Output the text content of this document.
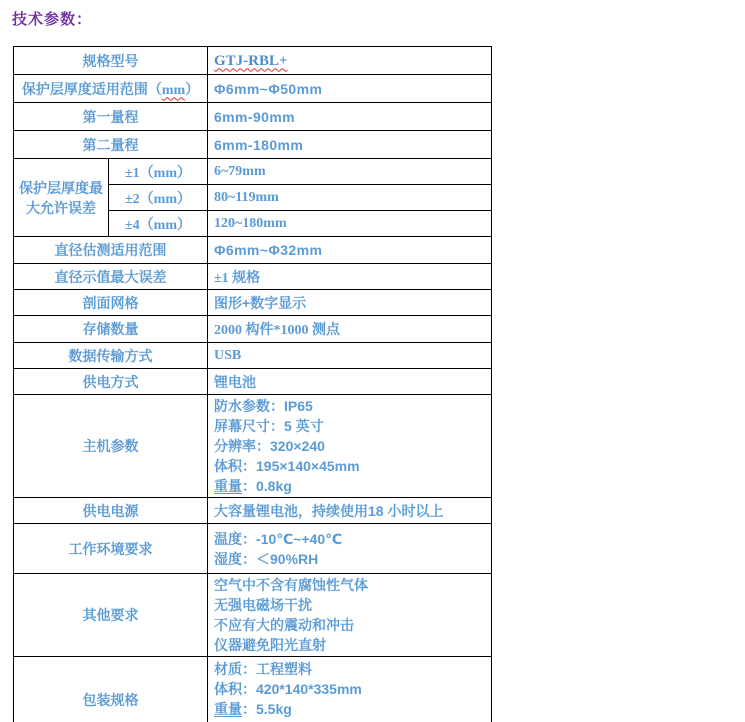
技术参数：
规格型号		GTJ-RBL+
保护层厚度适用范围（mm）		Φ6mm~Φ50mm
第一量程		6mm-90mm
第二量程		6mm-180mm
保护层厚度最大允许误差	±1（mm）	6~79mm
	±2（mm）	80~119mm
	±4（mm）	120~180mm
直径估测适用范围		Φ6mm~Φ32mm
直径示值最大误差		±1 规格
剖面网格		图形+数字显示
存储数量		2000 构件*1000 测点
数据传输方式		USB
供电方式		锂电池
主机参数		防水参数：IP65
屏幕尺寸：5 英寸
分辨率：320×240
体积：195×140×45mm
重量：0.8kg

供电电源		大容量锂电池，持续使用18 小时以上
工作环境要求		温度：-10℃~+40℃
湿度：＜90%RH

其他要求		空气中不含有腐蚀性气体
无强电磁场干扰
不应有大的震动和冲击
仪器避免阳光直射

包装规格		材质：工程塑料
体积：420*140*335mm
重量：5.5kg
